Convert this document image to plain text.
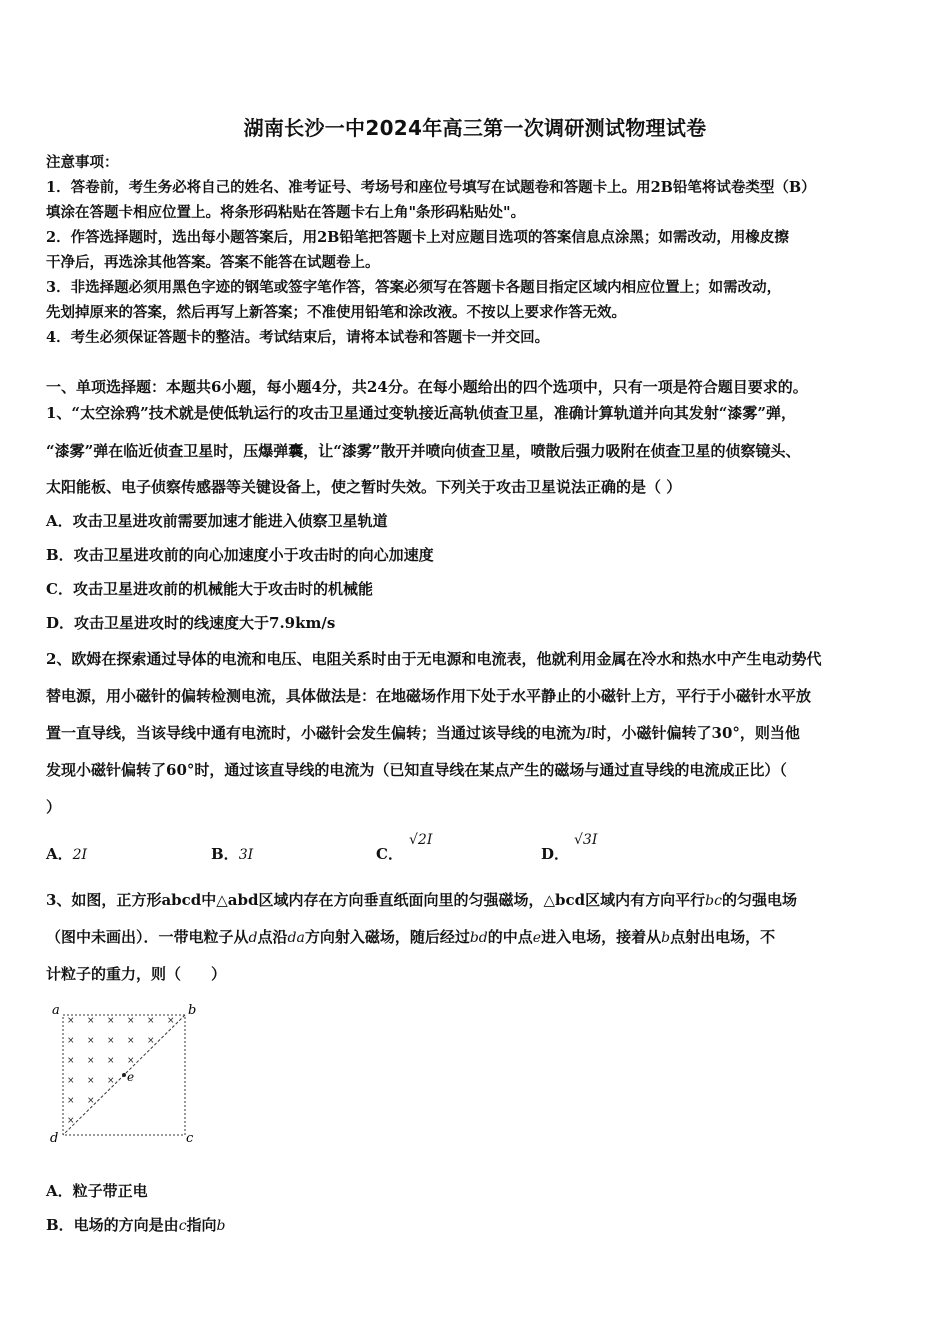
湖南长沙一中2024年高三第一次调研测试物理试卷
注意事项：
1．答卷前，考生务必将自己的姓名、准考证号、考场号和座位号填写在试题卷和答题卡上。用2B铅笔将试卷类型（B）
填涂在答题卡相应位置上。将条形码粘贴在答题卡右上角"条形码粘贴处"。
2．作答选择题时，选出每小题答案后，用2B铅笔把答题卡上对应题目选项的答案信息点涂黑；如需改动，用橡皮擦
干净后，再选涂其他答案。答案不能答在试题卷上。
3．非选择题必须用黑色字迹的钢笔或签字笔作答，答案必须写在答题卡各题目指定区域内相应位置上；如需改动，
先划掉原来的答案，然后再写上新答案；不准使用铅笔和涂改液。不按以上要求作答无效。
4．考生必须保证答题卡的整洁。考试结束后，请将本试卷和答题卡一并交回。
一、单项选择题：本题共6小题，每小题4分，共24分。在每小题给出的四个选项中，只有一项是符合题目要求的。
1、“太空涂鸦”技术就是使低轨运行的攻击卫星通过变轨接近高轨侦查卫星，准确计算轨道并向其发射“漆雾”弹，
“漆雾”弹在临近侦查卫星时，压爆弹囊，让“漆雾”散开并喷向侦查卫星，喷散后强力吸附在侦查卫星的侦察镜头、
太阳能板、电子侦察传感器等关键设备上，使之暂时失效。下列关于攻击卫星说法正确的是（ ）
A．攻击卫星进攻前需要加速才能进入侦察卫星轨道
B．攻击卫星进攻前的向心加速度小于攻击时的向心加速度
C．攻击卫星进攻前的机械能大于攻击时的机械能
D．攻击卫星进攻时的线速度大于7.9km/s
2、欧姆在探索通过导体的电流和电压、电阻关系时由于无电源和电流表，他就利用金属在冷水和热水中产生电动势代
替电源，用小磁针的偏转检测电流，具体做法是：在地磁场作用下处于水平静止的小磁针上方，平行于小磁针水平放
置一直导线，当该导线中通有电流时，小磁针会发生偏转；当通过该导线的电流为I时，小磁针偏转了30°，则当他
发现小磁针偏转了60°时，通过该直导线的电流为（已知直导线在某点产生的磁场与通过直导线的电流成正比）（
）
A．2I	B．3I	C．
√2I
D．
√3I
3、如图，正方形abcd中△abd区域内存在方向垂直纸面向里的匀强磁场，△bcd区域内有方向平行bc的匀强电场
（图中未画出）．一带电粒子从d点沿da方向射入磁场，随后经过bd的中点e进入电场，接着从b点射出电场，不
计粒子的重力，则（　　）
× × × × × ×
× × × × ×
× × × ×
× × ×
× ×
×
a	b
c
d
e
A．粒子带正电
B．电场的方向是由c指向b
